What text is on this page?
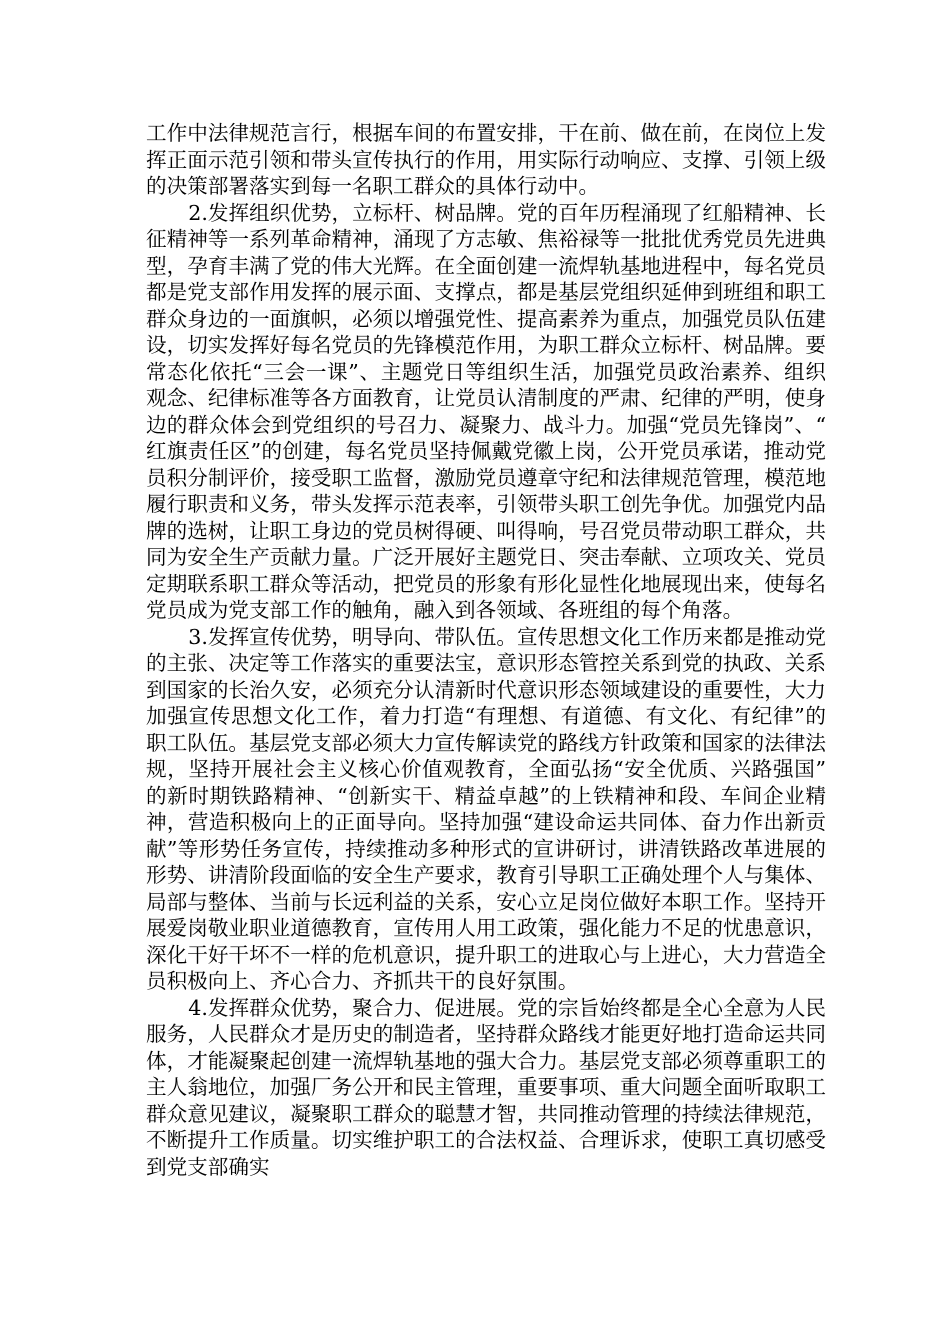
工作中法律规范言行，根据车间的布置安排，干在前、做在前，在岗位上发挥正面示范引领和带头宣传执行的作用，用实际行动响应、支撑、引领上级的决策部署落实到每一名职工群众的具体行动中。

2.发挥组织优势，立标杆、树品牌。党的百年历程涌现了红船精神、长征精神等一系列革命精神，涌现了方志敏、焦裕禄等一批批优秀党员先进典型，孕育丰满了党的伟大光辉。在全面创建一流焊轨基地进程中，每名党员都是党支部作用发挥的展示面、支撑点，都是基层党组织延伸到班组和职工群众身边的一面旗帜，必须以增强党性、提高素养为重点，加强党员队伍建设，切实发挥好每名党员的先锋模范作用，为职工群众立标杆、树品牌。要常态化依托“三会一课”、主题党日等组织生活，加强党员政治素养、组织观念、纪律标准等各方面教育，让党员认清制度的严肃、纪律的严明，使身边的群众体会到党组织的号召力、凝聚力、战斗力。加强“党员先锋岗”、“红旗责任区”的创建，每名党员坚持佩戴党徽上岗，公开党员承诺，推动党员积分制评价，接受职工监督，激励党员遵章守纪和法律规范管理，模范地履行职责和义务，带头发挥示范表率，引领带头职工创先争优。加强党内品牌的选树，让职工身边的党员树得硬、叫得响，号召党员带动职工群众，共同为安全生产贡献力量。广泛开展好主题党日、突击奉献、立项攻关、党员定期联系职工群众等活动，把党员的形象有形化显性化地展现出来，使每名党员成为党支部工作的触角，融入到各领域、各班组的每个角落。

3.发挥宣传优势，明导向、带队伍。宣传思想文化工作历来都是推动党的主张、决定等工作落实的重要法宝，意识形态管控关系到党的执政、关系到国家的长治久安，必须充分认清新时代意识形态领域建设的重要性，大力加强宣传思想文化工作，着力打造“有理想、有道德、有文化、有纪律”的职工队伍。基层党支部必须大力宣传解读党的路线方针政策和国家的法律法规，坚持开展社会主义核心价值观教育，全面弘扬“安全优质、兴路强国”的新时期铁路精神、“创新实干、精益卓越”的上铁精神和段、车间企业精神，营造积极向上的正面导向。坚持加强“建设命运共同体、奋力作出新贡献”等形势任务宣传，持续推动多种形式的宣讲研讨，讲清铁路改革进展的形势、讲清阶段面临的安全生产要求，教育引导职工正确处理个人与集体、局部与整体、当前与长远利益的关系，安心立足岗位做好本职工作。坚持开展爱岗敬业职业道德教育，宣传用人用工政策，强化能力不足的忧患意识，深化干好干坏不一样的危机意识，提升职工的进取心与上进心，大力营造全员积极向上、齐心合力、齐抓共干的良好氛围。

4.发挥群众优势，聚合力、促进展。党的宗旨始终都是全心全意为人民服务，人民群众才是历史的制造者，坚持群众路线才能更好地打造命运共同体，才能凝聚起创建一流焊轨基地的强大合力。基层党支部必须尊重职工的主人翁地位，加强厂务公开和民主管理，重要事项、重大问题全面听取职工群众意见建议，凝聚职工群众的聪慧才智，共同推动管理的持续法律规范，不断提升工作质量。切实维护职工的合法权益、合理诉求，使职工真切感受到党支部确实
